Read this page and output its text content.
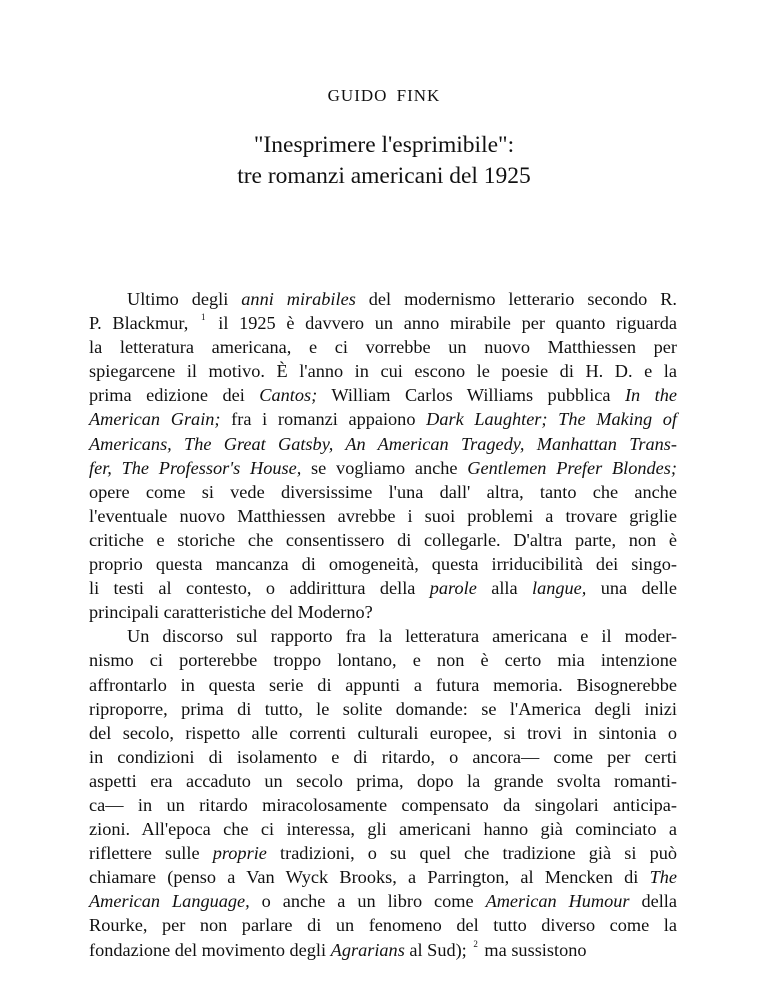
GUIDO FINK
"Inesprimere l'esprimibile":
tre romanzi americani del 1925
Ultimo degli anni mirabiles del modernismo letterario secondo R.
P. Blackmur, $^1$ il 1925 è davvero un anno mirabile per quanto riguarda
la letteratura americana, e ci vorrebbe un nuovo Matthiessen per
spiegarcene il motivo. È l'anno in cui escono le poesie di H. D. e la
prima edizione dei Cantos; William Carlos Williams pubblica In the
American Grain; fra i romanzi appaiono Dark Laughter; The Making of
Americans, The Great Gatsby, An American Tragedy, Manhattan Trans-
fer, The Professor's House, se vogliamo anche Gentlemen Prefer Blondes;
opere come si vede diversissime l'una dall' altra, tanto che anche
l'eventuale nuovo Matthiessen avrebbe i suoi problemi a trovare griglie
critiche e storiche che consentissero di collegarle. D'altra parte, non è
proprio questa mancanza di omogeneità, questa irriducibilità dei singo-
li testi al contesto, o addirittura della parole alla langue, una delle
principali caratteristiche del Moderno?
Un discorso sul rapporto fra la letteratura americana e il moder-
nismo ci porterebbe troppo lontano, e non è certo mia intenzione
affrontarlo in questa serie di appunti a futura memoria. Bisognerebbe
riproporre, prima di tutto, le solite domande: se l'America degli inizi
del secolo, rispetto alle correnti culturali europee, si trovi in sintonia o
in condizioni di isolamento e di ritardo, o ancora— come per certi
aspetti era accaduto un secolo prima, dopo la grande svolta romanti-
ca— in un ritardo miracolosamente compensato da singolari anticipa-
zioni. All'epoca che ci interessa, gli americani hanno già cominciato a
riflettere sulle proprie tradizioni, o su quel che tradizione già si può
chiamare (penso a Van Wyck Brooks, a Parrington, al Mencken di The
American Language, o anche a un libro come American Humour della
Rourke, per non parlare di un fenomeno del tutto diverso come la
fondazione del movimento degli Agrarians al Sud); $^2$ ma sussistono
